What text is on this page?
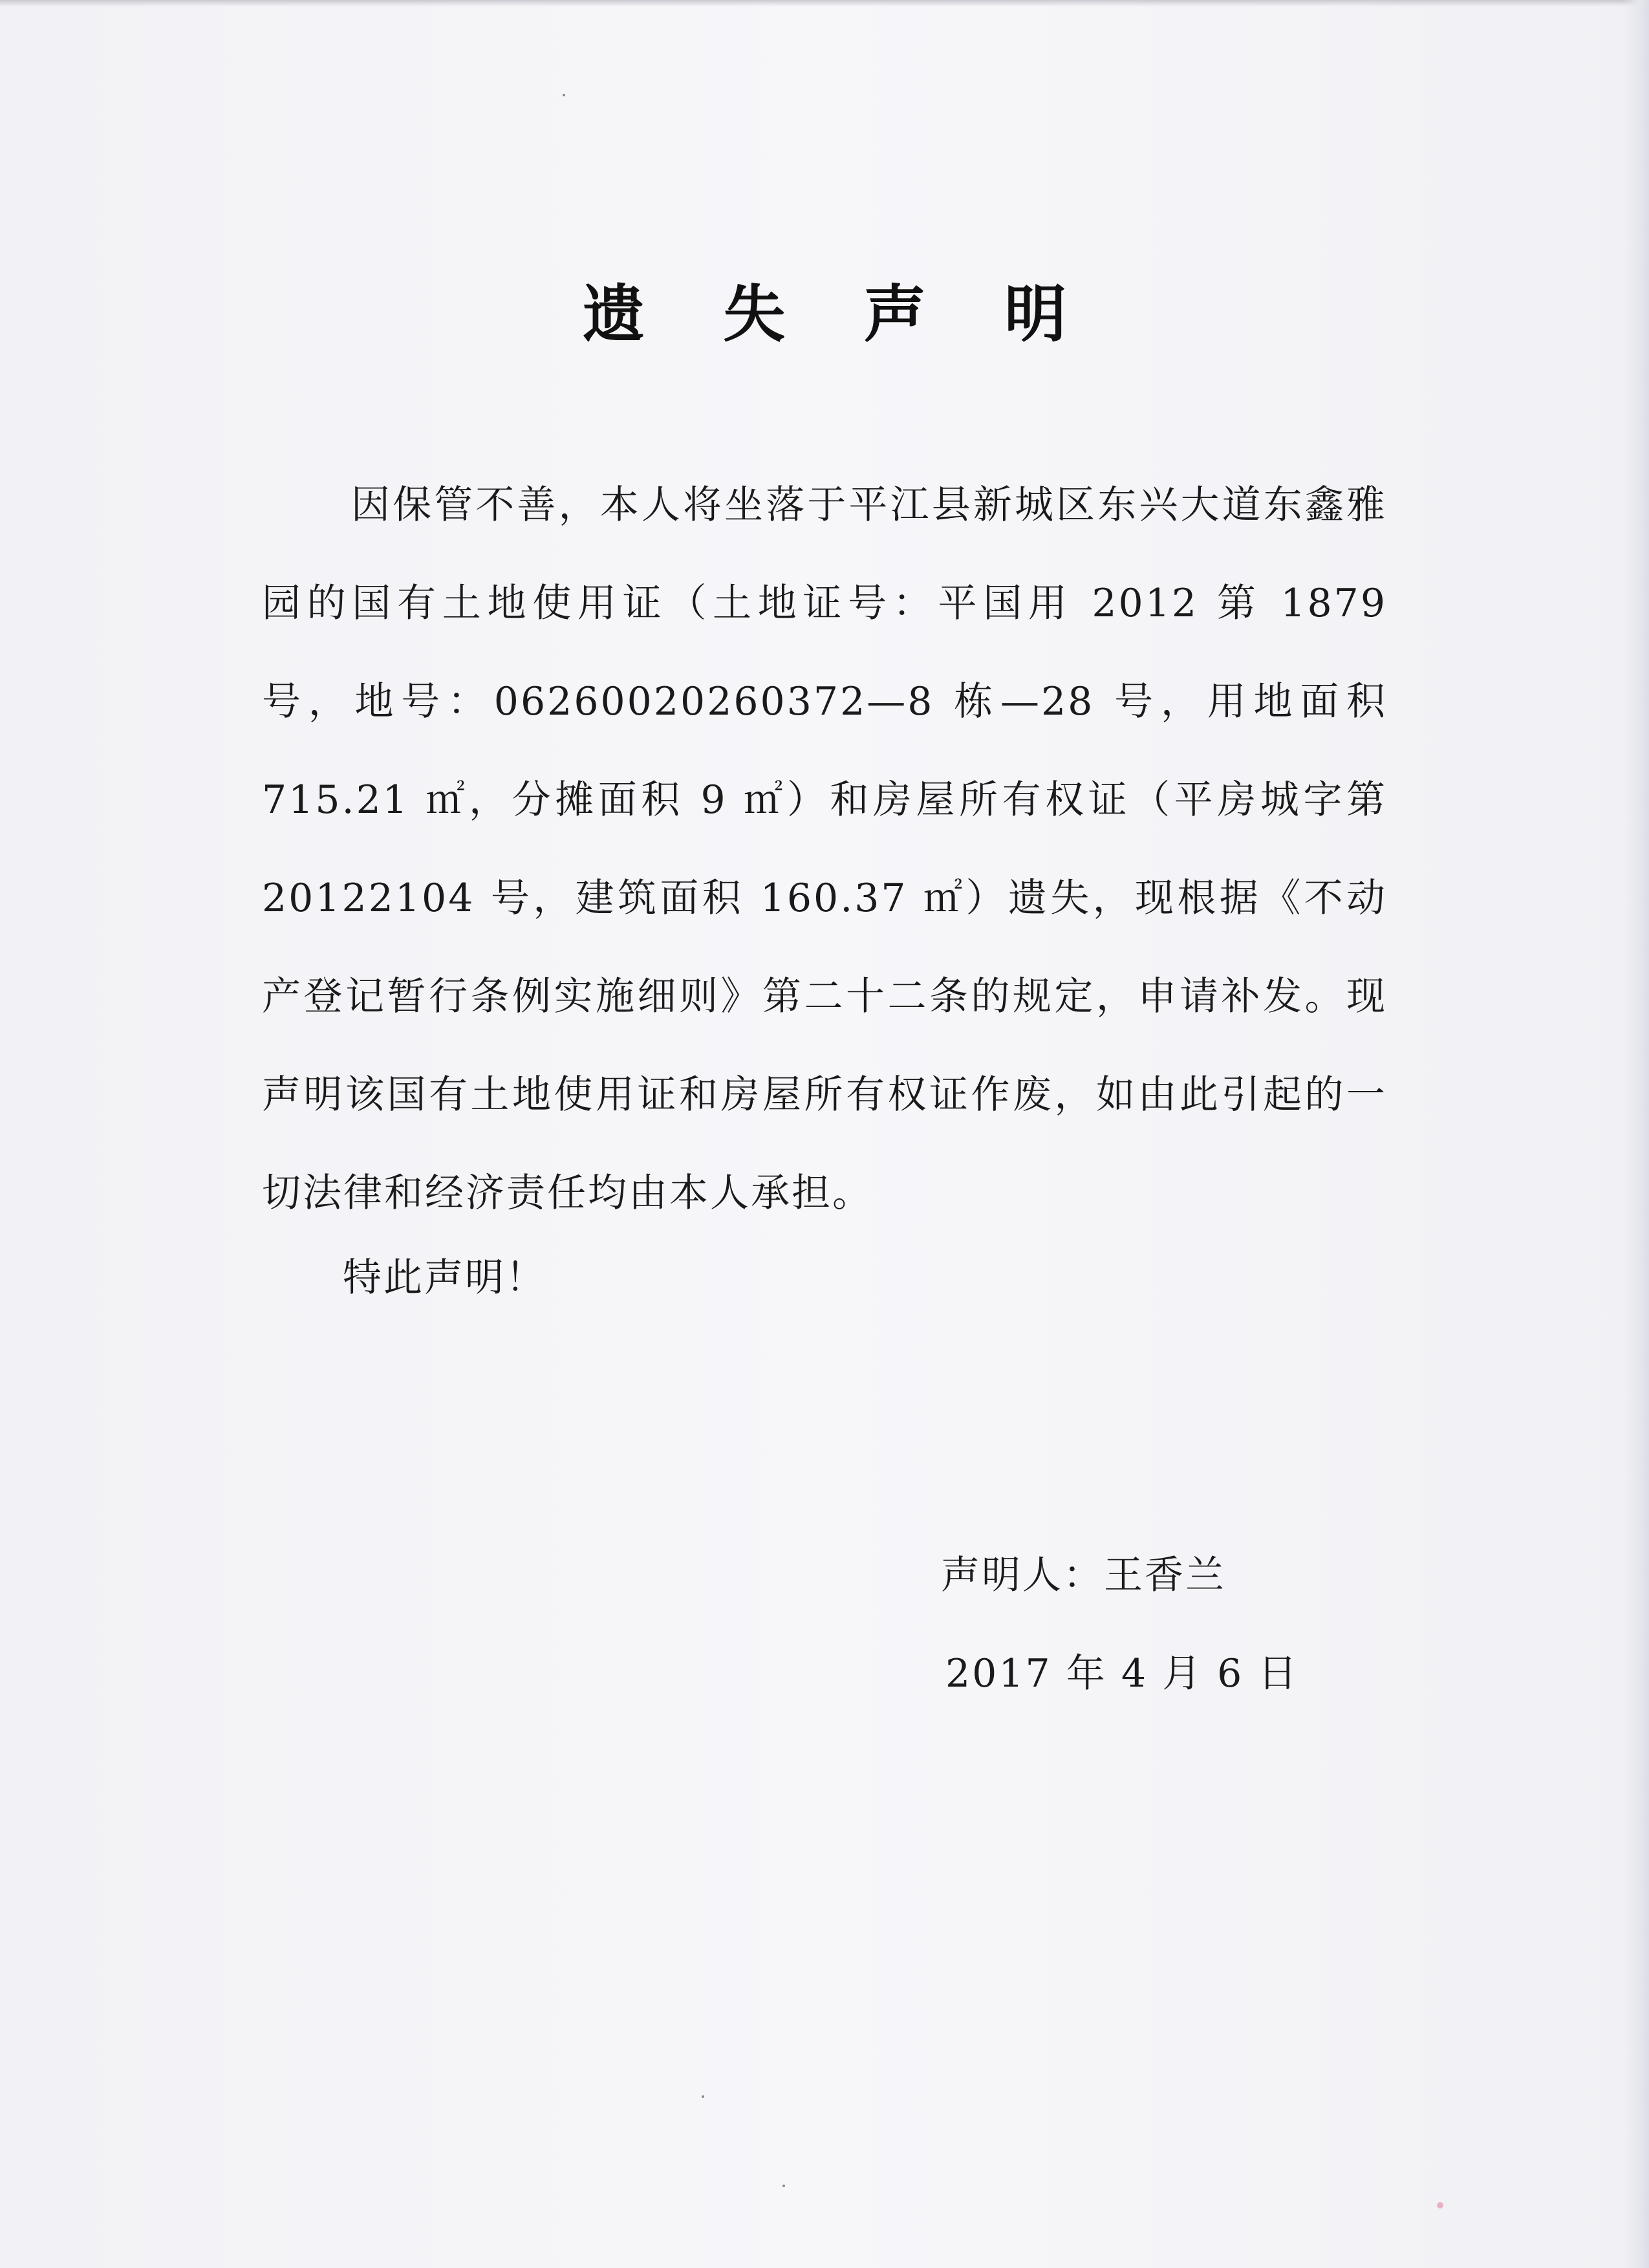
遗 失 声 明
因保管不善，本人将坐落于平江县新城区东兴大道东鑫雅园的国有土地使用证（土地证号：平国用 2012 第 1879 号，地号：06260020260372—8 栋—28 号，用地面积 715.21 ㎡，分摊面积 9 ㎡）和房屋所有权证（平房城字第 20122104 号，建筑面积 160.37 ㎡）遗失，现根据《不动产登记暂行条例实施细则》第二十二条的规定，申请补发。现声明该国有土地使用证和房屋所有权证作废，如由此引起的一切法律和经济责任均由本人承担。
特此声明！
声明人：王香兰
2017 年 4 月 6 日
